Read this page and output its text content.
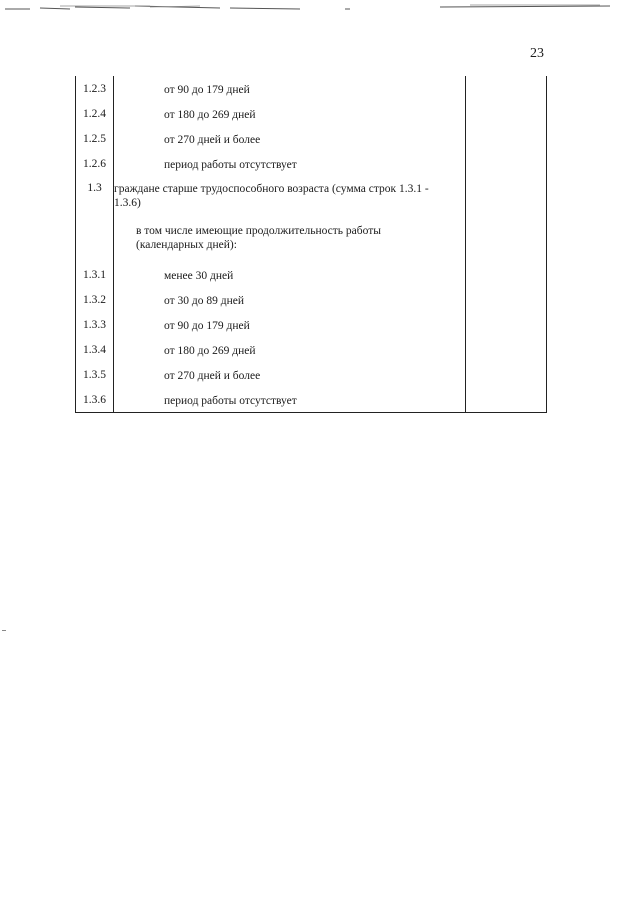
23
1.2.3	от 90 до 179 дней	
1.2.4	от 180 до 269 дней	
1.2.5	от 270 дней и более	
1.2.6	период работы отсутствует	
1.3	граждане старше трудоспособного возраста (сумма строк 1.3.1 - 1.3.6)	
	в том числе имеющие продолжительность работы (календарных дней):	
1.3.1	менее 30 дней	
1.3.2	от 30 до 89 дней	
1.3.3	от 90 до 179 дней	
1.3.4	от 180 до 269 дней	
1.3.5	от 270 дней и более	
1.3.6	период работы отсутствует	
